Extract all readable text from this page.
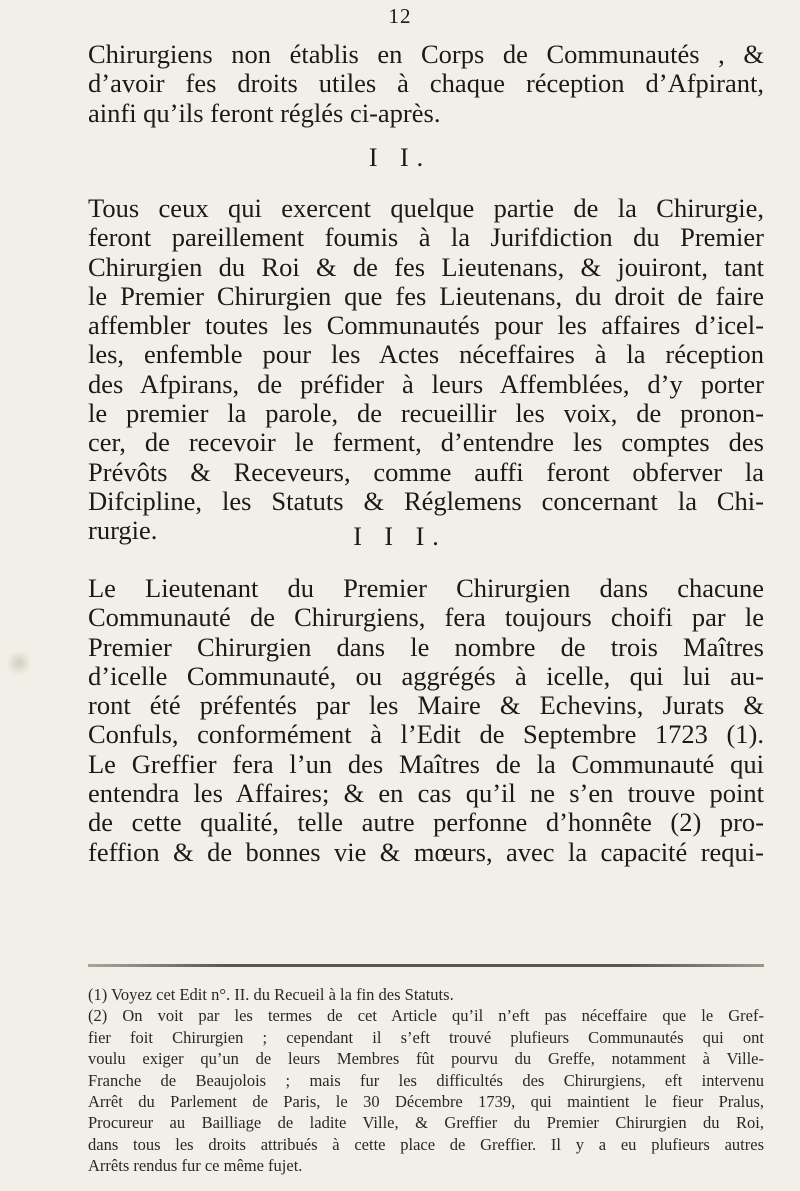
12
Chirurgiens non établis en Corps de Communautés , &
d’avoir fes droits utiles à chaque réception d’Afpirant,
ainfi qu’ils feront réglés ci-après.
I I.
Tous ceux qui exercent quelque partie de la Chirurgie,
feront pareillement foumis à la Jurifdiction du Premier
Chirurgien du Roi & de fes Lieutenans, & jouiront, tant
le Premier Chirurgien que fes Lieutenans, du droit de faire
affembler toutes les Communautés pour les affaires d’icel-
les, enfemble pour les Actes néceffaires à la réception
des Afpirans, de préfider à leurs Affemblées, d’y porter
le premier la parole, de recueillir les voix, de pronon-
cer, de recevoir le ferment, d’entendre les comptes des
Prévôts & Receveurs, comme auffi feront obferver la
Difcipline, les Statuts & Réglemens concernant la Chi-
rurgie.	I I I.
Le Lieutenant du Premier Chirurgien dans chacune
Communauté de Chirurgiens, fera toujours choifi par le
Premier Chirurgien dans le nombre de trois Maîtres
d’icelle Communauté, ou aggrégés à icelle, qui lui au-
ront été préfentés par les Maire & Echevins, Jurats &
Confuls, conformément à l’Edit de Septembre 1723 (1).
Le Greffier fera l’un des Maîtres de la Communauté qui
entendra les Affaires; & en cas qu’il ne s’en trouve point
de cette qualité, telle autre perfonne d’honnête (2) pro-
feffion & de bonnes vie & mœurs, avec la capacité requi-
(1) Voyez cet Edit n°. II. du Recueil à la fin des Statuts.
(2) On voit par les termes de cet Article qu’il n’eft pas néceffaire que le Gref-
fier foit Chirurgien ; cependant il s’eft trouvé plufieurs Communautés qui ont
voulu exiger qu’un de leurs Membres fût pourvu du Greffe, notamment à Ville-
Franche de Beaujolois ; mais fur les difficultés des Chirurgiens, eft intervenu
Arrêt du Parlement de Paris, le 30 Décembre 1739, qui maintient le fieur Pralus,
Procureur au Bailliage de ladite Ville, & Greffier du Premier Chirurgien du Roi,
dans tous les droits attribués à cette place de Greffier. Il y a eu plufieurs autres
Arrêts rendus fur ce même fujet.
